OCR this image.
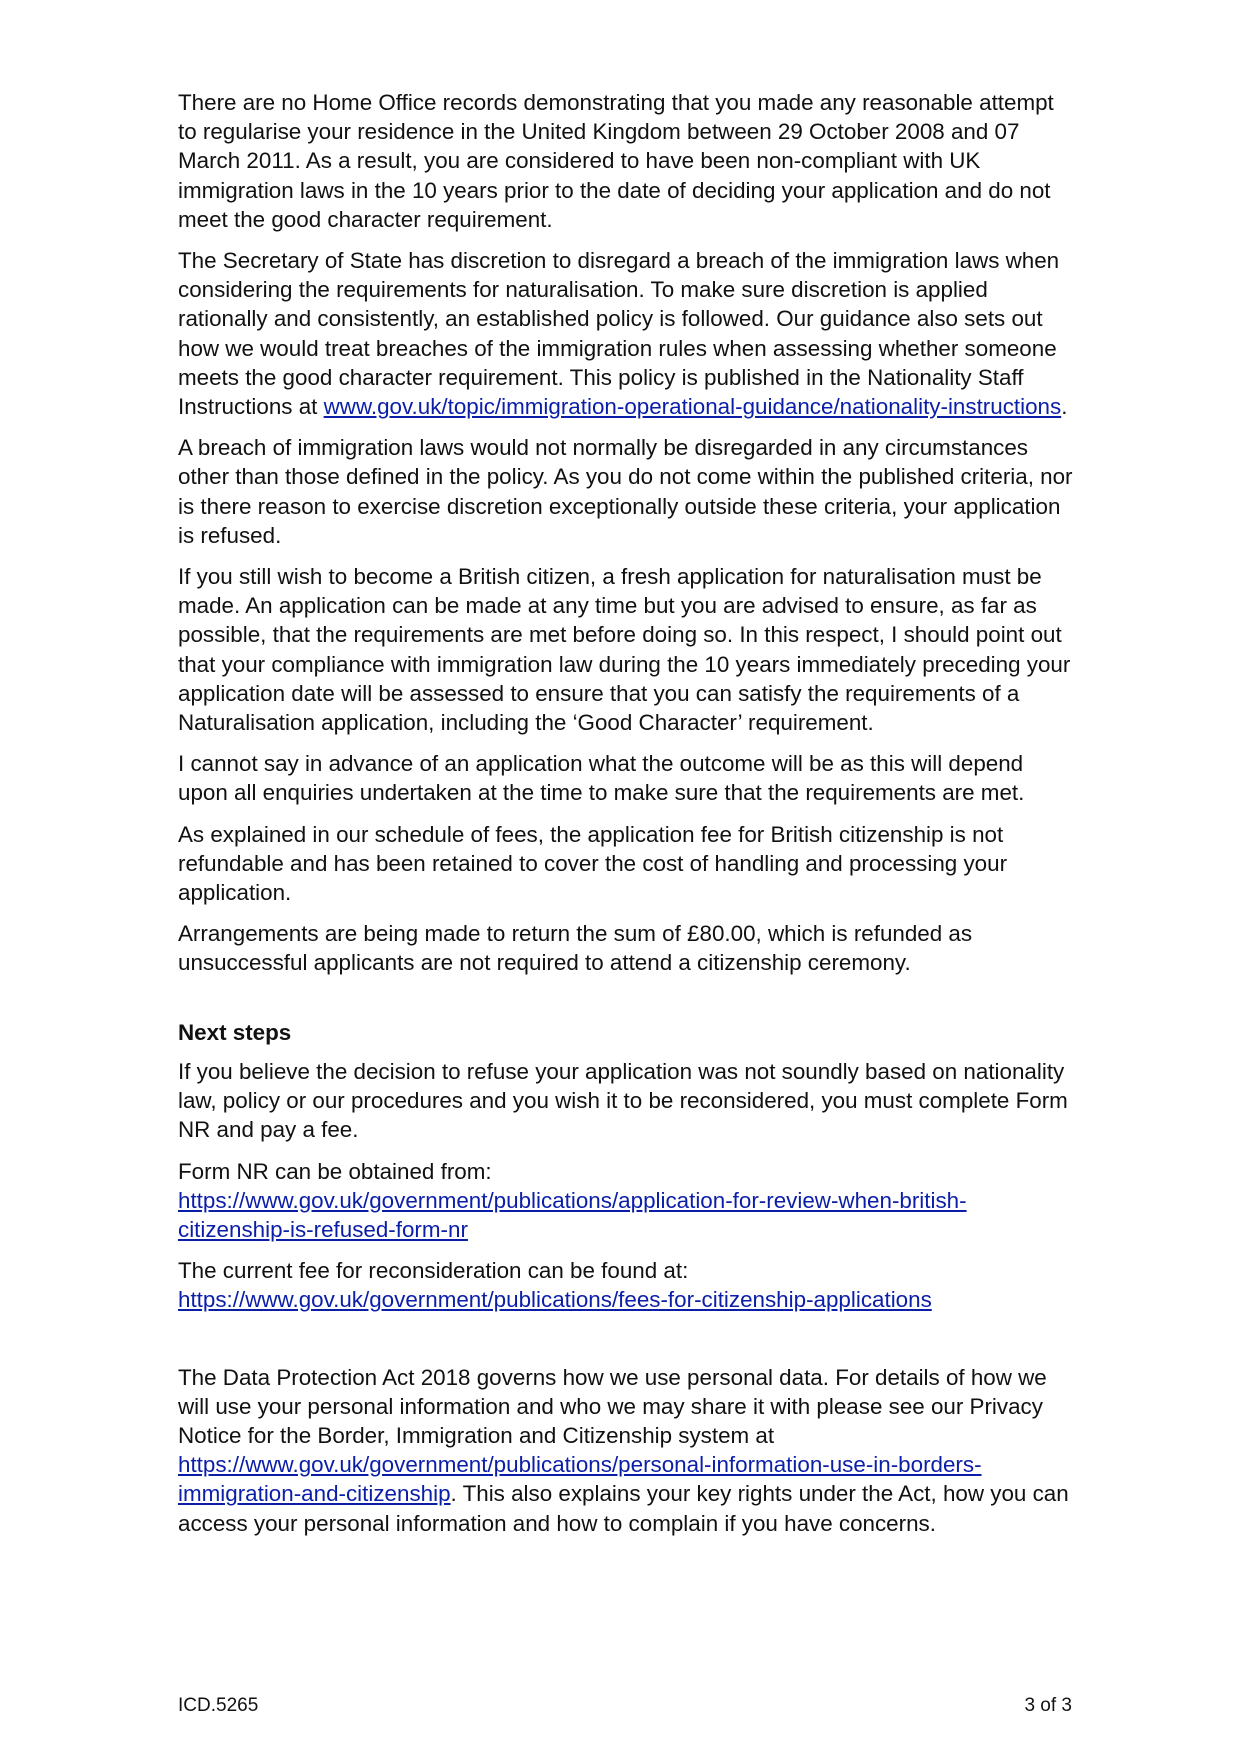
There are no Home Office records demonstrating that you made any reasonable attempt to regularise your residence in the United Kingdom between 29 October 2008 and 07 March 2011. As a result, you are considered to have been non-compliant with UK immigration laws in the 10 years prior to the date of deciding your application and do not meet the good character requirement.

The Secretary of State has discretion to disregard a breach of the immigration laws when considering the requirements for naturalisation. To make sure discretion is applied rationally and consistently, an established policy is followed. Our guidance also sets out how we would treat breaches of the immigration rules when assessing whether someone meets the good character requirement. This policy is published in the Nationality Staff Instructions at www.gov.uk/topic/immigration-operational-guidance/nationality-instructions.

A breach of immigration laws would not normally be disregarded in any circumstances other than those defined in the policy. As you do not come within the published criteria, nor is there reason to exercise discretion exceptionally outside these criteria, your application is refused.

If you still wish to become a British citizen, a fresh application for naturalisation must be made. An application can be made at any time but you are advised to ensure, as far as possible, that the requirements are met before doing so. In this respect, I should point out that your compliance with immigration law during the 10 years immediately preceding your application date will be assessed to ensure that you can satisfy the requirements of a Naturalisation application, including the ‘Good Character’ requirement.

I cannot say in advance of an application what the outcome will be as this will depend upon all enquiries undertaken at the time to make sure that the requirements are met.

As explained in our schedule of fees, the application fee for British citizenship is not refundable and has been retained to cover the cost of handling and processing your application.

Arrangements are being made to return the sum of £80.00, which is refunded as unsuccessful applicants are not required to attend a citizenship ceremony.

Next steps

If you believe the decision to refuse your application was not soundly based on nationality law, policy or our procedures and you wish it to be reconsidered, you must complete Form NR and pay a fee.

Form NR can be obtained from:
https://www.gov.uk/government/publications/application-for-review-when-british-citizenship-is-refused-form-nr

The current fee for reconsideration can be found at:
https://www.gov.uk/government/publications/fees-for-citizenship-applications

The Data Protection Act 2018 governs how we use personal data. For details of how we will use your personal information and who we may share it with please see our Privacy Notice for the Border, Immigration and Citizenship system at https://www.gov.uk/government/publications/personal-information-use-in-borders-immigration-and-citizenship. This also explains your key rights under the Act, how you can access your personal information and how to complain if you have concerns.

ICD.5265	3 of 3
